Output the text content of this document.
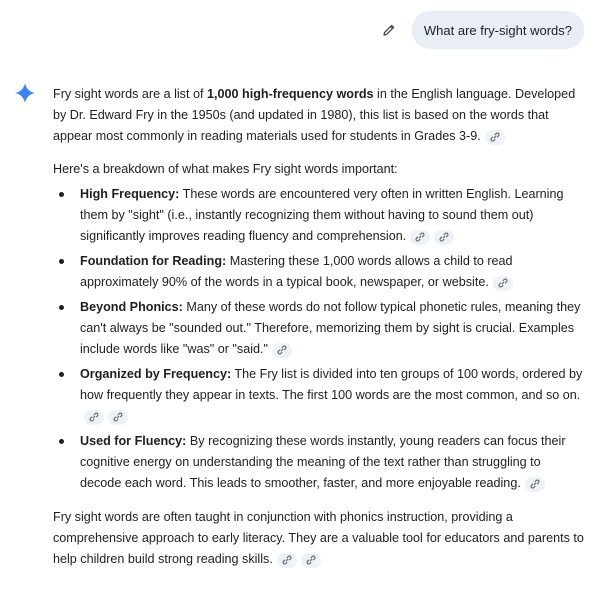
What are fry-sight words?

Fry sight words are a list of 1,000 high-frequency words in the English language. Developed by Dr. Edward Fry in the 1950s (and updated in 1980), this list is based on the words that appear most commonly in reading materials used for students in Grades 3-9.

Here's a breakdown of what makes Fry sight words important:

High Frequency: These words are encountered very often in written English. Learning them by "sight" (i.e., instantly recognizing them without having to sound them out) significantly improves reading fluency and comprehension.
Foundation for Reading: Mastering these 1,000 words allows a child to read approximately 90% of the words in a typical book, newspaper, or website.
Beyond Phonics: Many of these words do not follow typical phonetic rules, meaning they can't always be "sounded out." Therefore, memorizing them by sight is crucial. Examples include words like "was" or "said."
Organized by Frequency: The Fry list is divided into ten groups of 100 words, ordered by how frequently they appear in texts. The first 100 words are the most common, and so on.
Used for Fluency: By recognizing these words instantly, young readers can focus their cognitive energy on understanding the meaning of the text rather than struggling to decode each word. This leads to smoother, faster, and more enjoyable reading.

Fry sight words are often taught in conjunction with phonics instruction, providing a comprehensive approach to early literacy. They are a valuable tool for educators and parents to help children build strong reading skills.
